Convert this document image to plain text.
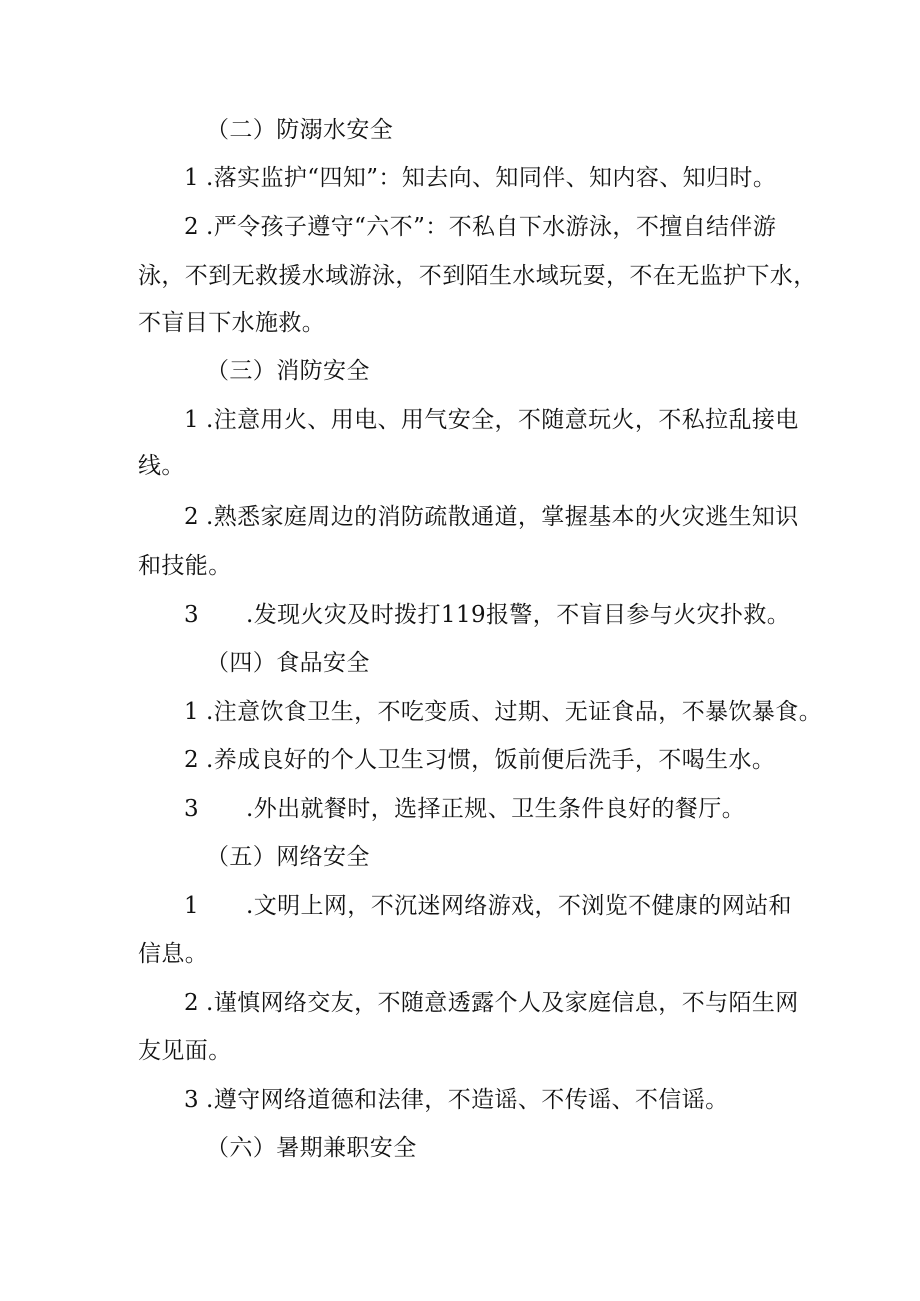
（二）防溺水安全
1 .落实监护“四知”：知去向、知同伴、知内容、知归时。
2 .严令孩子遵守“六不”：不私自下水游泳，不擅自结伴游
泳，不到无救援水域游泳，不到陌生水域玩耍，不在无监护下水，
不盲目下水施救。
（三）消防安全
1 .注意用火、用电、用气安全，不随意玩火，不私拉乱接电
线。
2 .熟悉家庭周边的消防疏散通道，掌握基本的火灾逃生知识
和技能。
3 .发现火灾及时拨打119报警，不盲目参与火灾扑救。
（四）食品安全
1 .注意饮食卫生，不吃变质、过期、无证食品，不暴饮暴食。
2 .养成良好的个人卫生习惯，饭前便后洗手，不喝生水。
3 .外出就餐时，选择正规、卫生条件良好的餐厅。
（五）网络安全
1 .文明上网，不沉迷网络游戏，不浏览不健康的网站和
信息。
2 .谨慎网络交友，不随意透露个人及家庭信息，不与陌生网
友见面。
3 .遵守网络道德和法律，不造谣、不传谣、不信谣。
（六）暑期兼职安全
